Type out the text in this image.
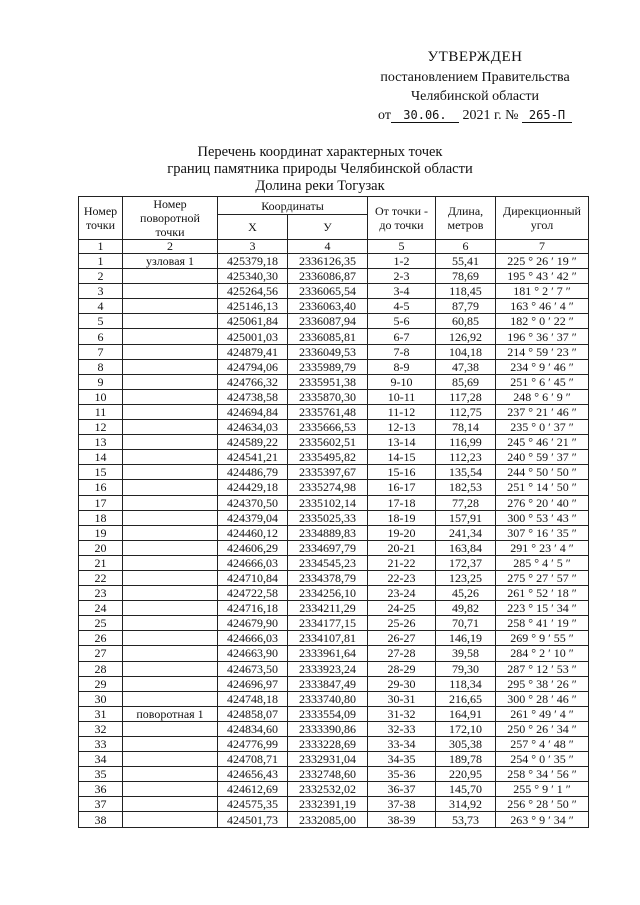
УТВЕРЖДЕН
постановлением Правительства
Челябинской области
от 30.06. 2021 г. № 265-П
Перечень координат характерных точек
границ памятника природы Челябинской области
Долина реки Тогузак
Номер точки	Номер поворотной точки	Координаты		От точки - до точки	Длина, метров	Дирекционный угол
		X	У			
1	2	3	4	5	6	7
1	узловая 1	425379,18	2336126,35	1-2	55,41	225 ° 26 ′ 19 ″
2		425340,30	2336086,87	2-3	78,69	195 ° 43 ′ 42 ″
3		425264,56	2336065,54	3-4	118,45	181 ° 2 ′ 7 ″
4		425146,13	2336063,40	4-5	87,79	163 ° 46 ′ 4 ″
5		425061,84	2336087,94	5-6	60,85	182 ° 0 ′ 22 ″
6		425001,03	2336085,81	6-7	126,92	196 ° 36 ′ 37 ″
7		424879,41	2336049,53	7-8	104,18	214 ° 59 ′ 23 ″
8		424794,06	2335989,79	8-9	47,38	234 ° 9 ′ 46 ″
9		424766,32	2335951,38	9-10	85,69	251 ° 6 ′ 45 ″
10		424738,58	2335870,30	10-11	117,28	248 ° 6 ′ 9 ″
11		424694,84	2335761,48	11-12	112,75	237 ° 21 ′ 46 ″
12		424634,03	2335666,53	12-13	78,14	235 ° 0 ′ 37 ″
13		424589,22	2335602,51	13-14	116,99	245 ° 46 ′ 21 ″
14		424541,21	2335495,82	14-15	112,23	240 ° 59 ′ 37 ″
15		424486,79	2335397,67	15-16	135,54	244 ° 50 ′ 50 ″
16		424429,18	2335274,98	16-17	182,53	251 ° 14 ′ 50 ″
17		424370,50	2335102,14	17-18	77,28	276 ° 20 ′ 40 ″
18		424379,04	2335025,33	18-19	157,91	300 ° 53 ′ 43 ″
19		424460,12	2334889,83	19-20	241,34	307 ° 16 ′ 35 ″
20		424606,29	2334697,79	20-21	163,84	291 ° 23 ′ 4 ″
21		424666,03	2334545,23	21-22	172,37	285 ° 4 ′ 5 ″
22		424710,84	2334378,79	22-23	123,25	275 ° 27 ′ 57 ″
23		424722,58	2334256,10	23-24	45,26	261 ° 52 ′ 18 ″
24		424716,18	2334211,29	24-25	49,82	223 ° 15 ′ 34 ″
25		424679,90	2334177,15	25-26	70,71	258 ° 41 ′ 19 ″
26		424666,03	2334107,81	26-27	146,19	269 ° 9 ′ 55 ″
27		424663,90	2333961,64	27-28	39,58	284 ° 2 ′ 10 ″
28		424673,50	2333923,24	28-29	79,30	287 ° 12 ′ 53 ″
29		424696,97	2333847,49	29-30	118,34	295 ° 38 ′ 26 ″
30		424748,18	2333740,80	30-31	216,65	300 ° 28 ′ 46 ″
31	поворотная 1	424858,07	2333554,09	31-32	164,91	261 ° 49 ′ 4 ″
32		424834,60	2333390,86	32-33	172,10	250 ° 26 ′ 34 ″
33		424776,99	2333228,69	33-34	305,38	257 ° 4 ′ 48 ″
34		424708,71	2332931,04	34-35	189,78	254 ° 0 ′ 35 ″
35		424656,43	2332748,60	35-36	220,95	258 ° 34 ′ 56 ″
36		424612,69	2332532,02	36-37	145,70	255 ° 9 ′ 1 ″
37		424575,35	2332391,19	37-38	314,92	256 ° 28 ′ 50 ″
38		424501,73	2332085,00	38-39	53,73	263 ° 9 ′ 34 ″
